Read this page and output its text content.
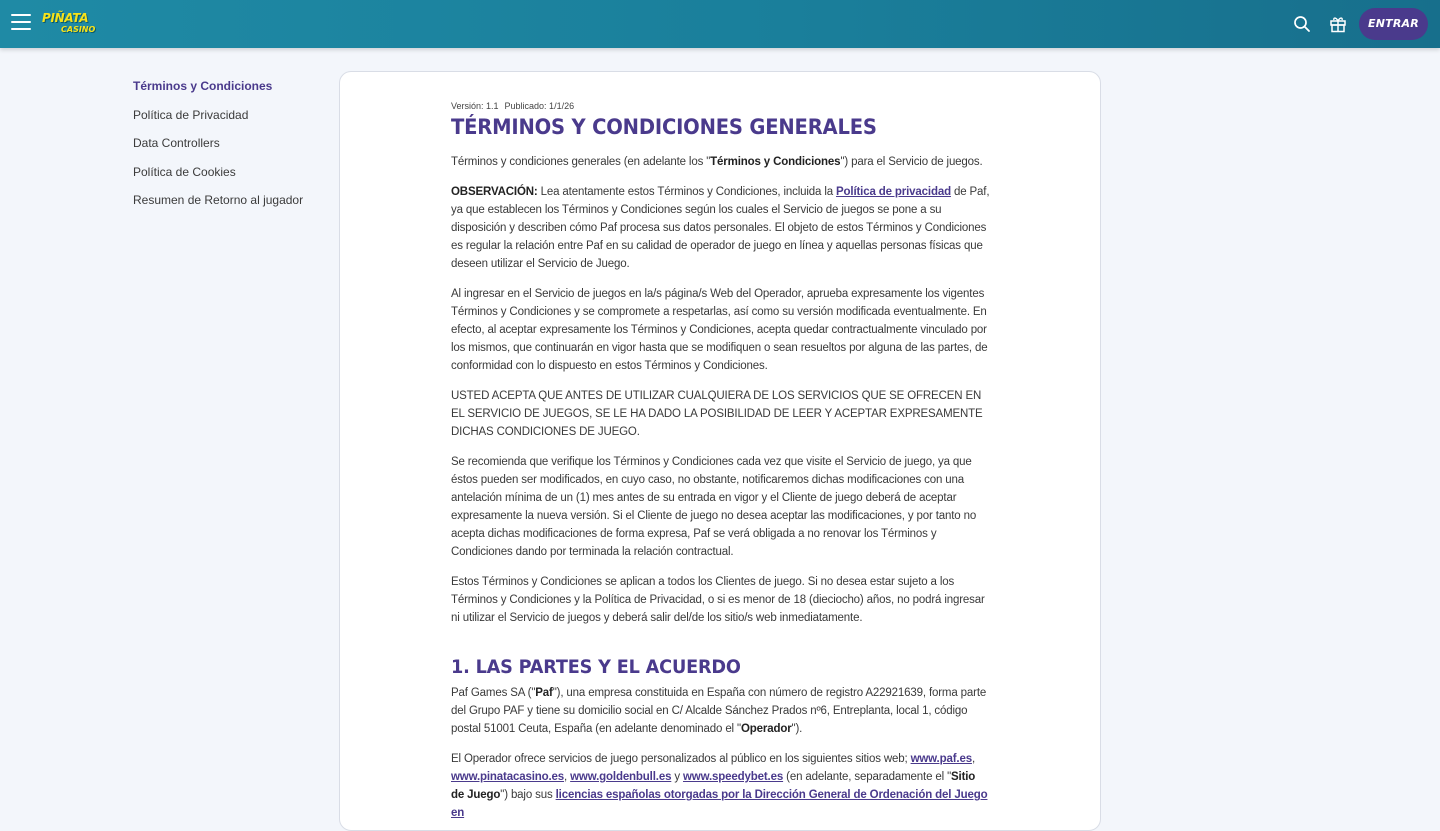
PIÑATA
CASINO	ENTRAR
Términos y Condiciones
Política de Privacidad
Data Controllers
Política de Cookies
Resumen de Retorno al jugador
Versión: 1.1 Publicado: 1/1/26
TÉRMINOS Y CONDICIONES GENERALES

Términos y condiciones generales (en adelante los "Términos y Condiciones") para el Servicio de juegos.

OBSERVACIÓN: Lea atentamente estos Términos y Condiciones, incluida la Política de privacidad de Paf, ya que establecen los Términos y Condiciones según los cuales el Servicio de juegos se pone a su disposición y describen cómo Paf procesa sus datos personales. El objeto de estos Términos y Condiciones es regular la relación entre Paf en su calidad de operador de juego en línea y aquellas personas físicas que deseen utilizar el Servicio de Juego.

Al ingresar en el Servicio de juegos en la/s página/s Web del Operador, aprueba expresamente los vigentes Términos y Condiciones y se compromete a respetarlas, así como su versión modificada eventualmente. En efecto, al aceptar expresamente los Términos y Condiciones, acepta quedar contractualmente vinculado por los mismos, que continuarán en vigor hasta que se modifiquen o sean resueltos por alguna de las partes, de conformidad con lo dispuesto en estos Términos y Condiciones.

USTED ACEPTA QUE ANTES DE UTILIZAR CUALQUIERA DE LOS SERVICIOS QUE SE OFRECEN EN EL SERVICIO DE JUEGOS, SE LE HA DADO LA POSIBILIDAD DE LEER Y ACEPTAR EXPRESAMENTE DICHAS CONDICIONES DE JUEGO.

Se recomienda que verifique los Términos y Condiciones cada vez que visite el Servicio de juego, ya que éstos pueden ser modificados, en cuyo caso, no obstante, notificaremos dichas modificaciones con una antelación mínima de un (1) mes antes de su entrada en vigor y el Cliente de juego deberá de aceptar expresamente la nueva versión. Si el Cliente de juego no desea aceptar las modificaciones, y por tanto no acepta dichas modificaciones de forma expresa, Paf se verá obligada a no renovar los Términos y Condiciones dando por terminada la relación contractual.

Estos Términos y Condiciones se aplican a todos los Clientes de juego. Si no desea estar sujeto a los Términos y Condiciones y la Política de Privacidad, o si es menor de 18 (dieciocho) años, no podrá ingresar ni utilizar el Servicio de juegos y deberá salir del/de los sitio/s web inmediatamente.

1. LAS PARTES Y EL ACUERDO

Paf Games SA ("Paf"), una empresa constituida en España con número de registro A22921639, forma parte del Grupo PAF y tiene su domicilio social en C/ Alcalde Sánchez Prados nº6, Entreplanta, local 1, código postal 51001 Ceuta, España (en adelante denominado el "Operador").

El Operador ofrece servicios de juego personalizados al público en los siguientes sitios web; www.paf.es, www.pinatacasino.es, www.goldenbull.es y www.speedybet.es (en adelante, separadamente el "Sitio de Juego") bajo sus licencias españolas otorgadas por la Dirección General de Ordenación del Juego en
